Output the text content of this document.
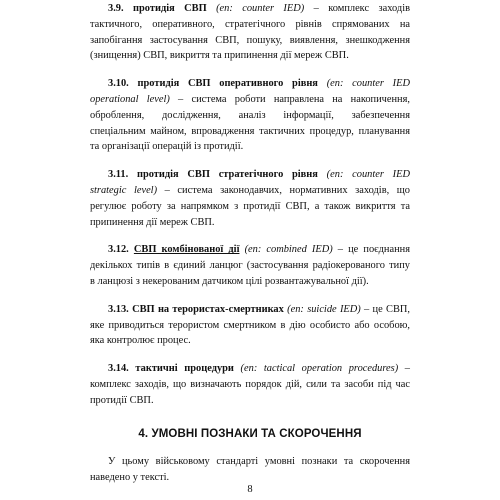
3.9. протидія СВП (en: counter IED) – комплекс заходів
тактичного, оперативного, стратегічного рівнів спрямованих на
запобігання застосування СВП, пошуку, виявлення, знешкодження
(знищення) СВП, викриття та припинення дії мереж СВП.
3.10. протидія СВП оперативного рівня (en: counter IED
operational level) – система роботи направлена на накопичення,
оброблення, дослідження, аналіз інформації, забезпечення
спеціальним майном, впровадження тактичних процедур, планування
та організації операцій із протидії.
3.11. протидія СВП стратегічного рівня (en: counter IED
strategic level) – система законодавчих, нормативних заходів, що
регулює роботу за напрямком з протидії СВП, а також викриття та
припинення дії мереж СВП.
3.12. СВП комбінованої дії (en: combined IED) – це поєднання
декількох типів в єдиний ланцюг (застосування радіокерованого типу
в ланцюзі з некерованим датчиком цілі розвантажувальної дії).
3.13. СВП на терористах-смертниках (en: suicide IED) – це СВП,
яке приводиться терористом смертником в дію особисто або особою,
яка контролює процес.
3.14. тактичні процедури (en: tactical operation procedures) –
комплекс заходів, що визначають порядок дій, сили та засоби під час
протидії СВП.
4. УМОВНІ ПОЗНАКИ ТА СКОРОЧЕННЯ
У цьому військовому стандарті умовні познаки та скорочення
наведено у тексті.
8
